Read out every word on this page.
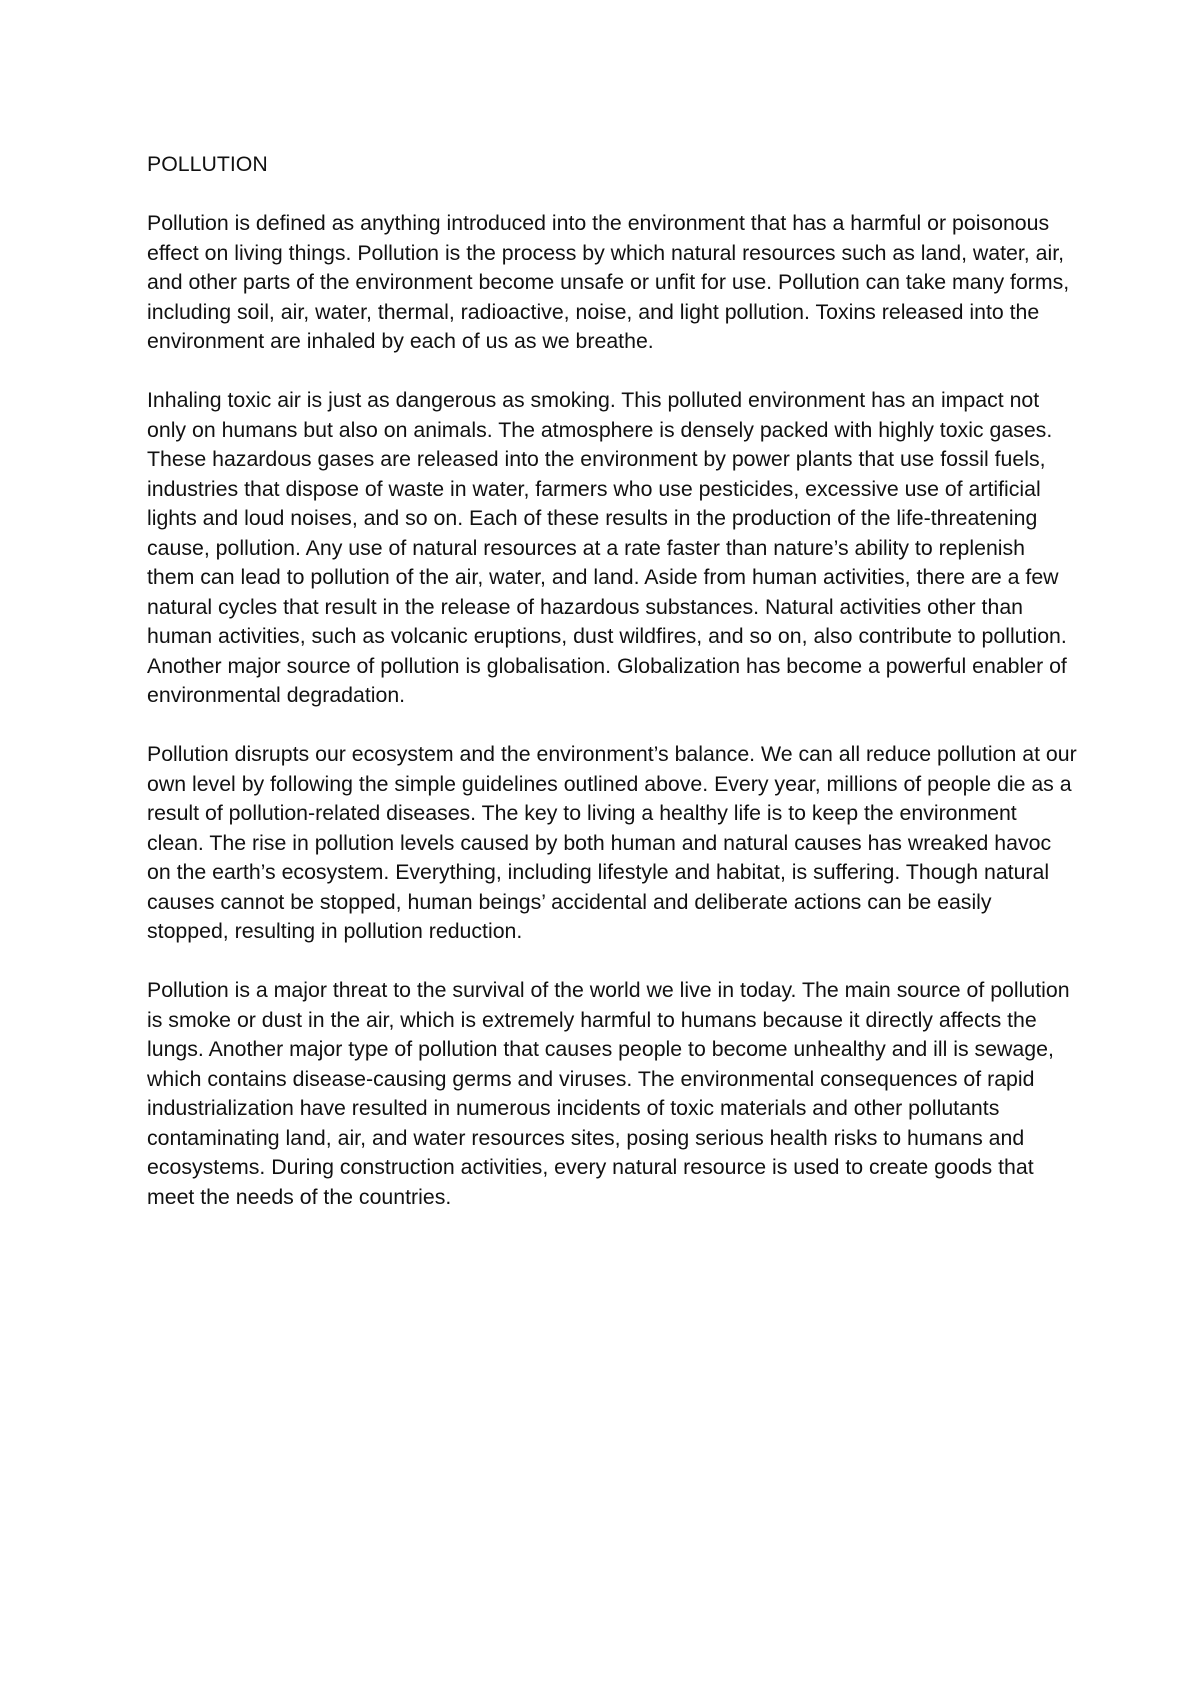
POLLUTION

Pollution is defined as anything introduced into the environment that has a harmful or poisonous effect on living things. Pollution is the process by which natural resources such as land, water, air, and other parts of the environment become unsafe or unfit for use. Pollution can take many forms, including soil, air, water, thermal, radioactive, noise, and light pollution. Toxins released into the environment are inhaled by each of us as we breathe.

Inhaling toxic air is just as dangerous as smoking. This polluted environment has an impact not only on humans but also on animals. The atmosphere is densely packed with highly toxic gases. These hazardous gases are released into the environment by power plants that use fossil fuels, industries that dispose of waste in water, farmers who use pesticides, excessive use of artificial lights and loud noises, and so on. Each of these results in the production of the life-threatening cause, pollution. Any use of natural resources at a rate faster than nature’s ability to replenish them can lead to pollution of the air, water, and land. Aside from human activities, there are a few natural cycles that result in the release of hazardous substances. Natural activities other than human activities, such as volcanic eruptions, dust wildfires, and so on, also contribute to pollution. Another major source of pollution is globalisation. Globalization has become a powerful enabler of environmental degradation.

Pollution disrupts our ecosystem and the environment’s balance. We can all reduce pollution at our own level by following the simple guidelines outlined above. Every year, millions of people die as a result of pollution-related diseases. The key to living a healthy life is to keep the environment clean. The rise in pollution levels caused by both human and natural causes has wreaked havoc on the earth’s ecosystem. Everything, including lifestyle and habitat, is suffering. Though natural causes cannot be stopped, human beings’ accidental and deliberate actions can be easily stopped, resulting in pollution reduction.

Pollution is a major threat to the survival of the world we live in today. The main source of pollution is smoke or dust in the air, which is extremely harmful to humans because it directly affects the lungs. Another major type of pollution that causes people to become unhealthy and ill is sewage, which contains disease-causing germs and viruses. The environmental consequences of rapid industrialization have resulted in numerous incidents of toxic materials and other pollutants contaminating land, air, and water resources sites, posing serious health risks to humans and ecosystems. During construction activities, every natural resource is used to create goods that meet the needs of the countries.
